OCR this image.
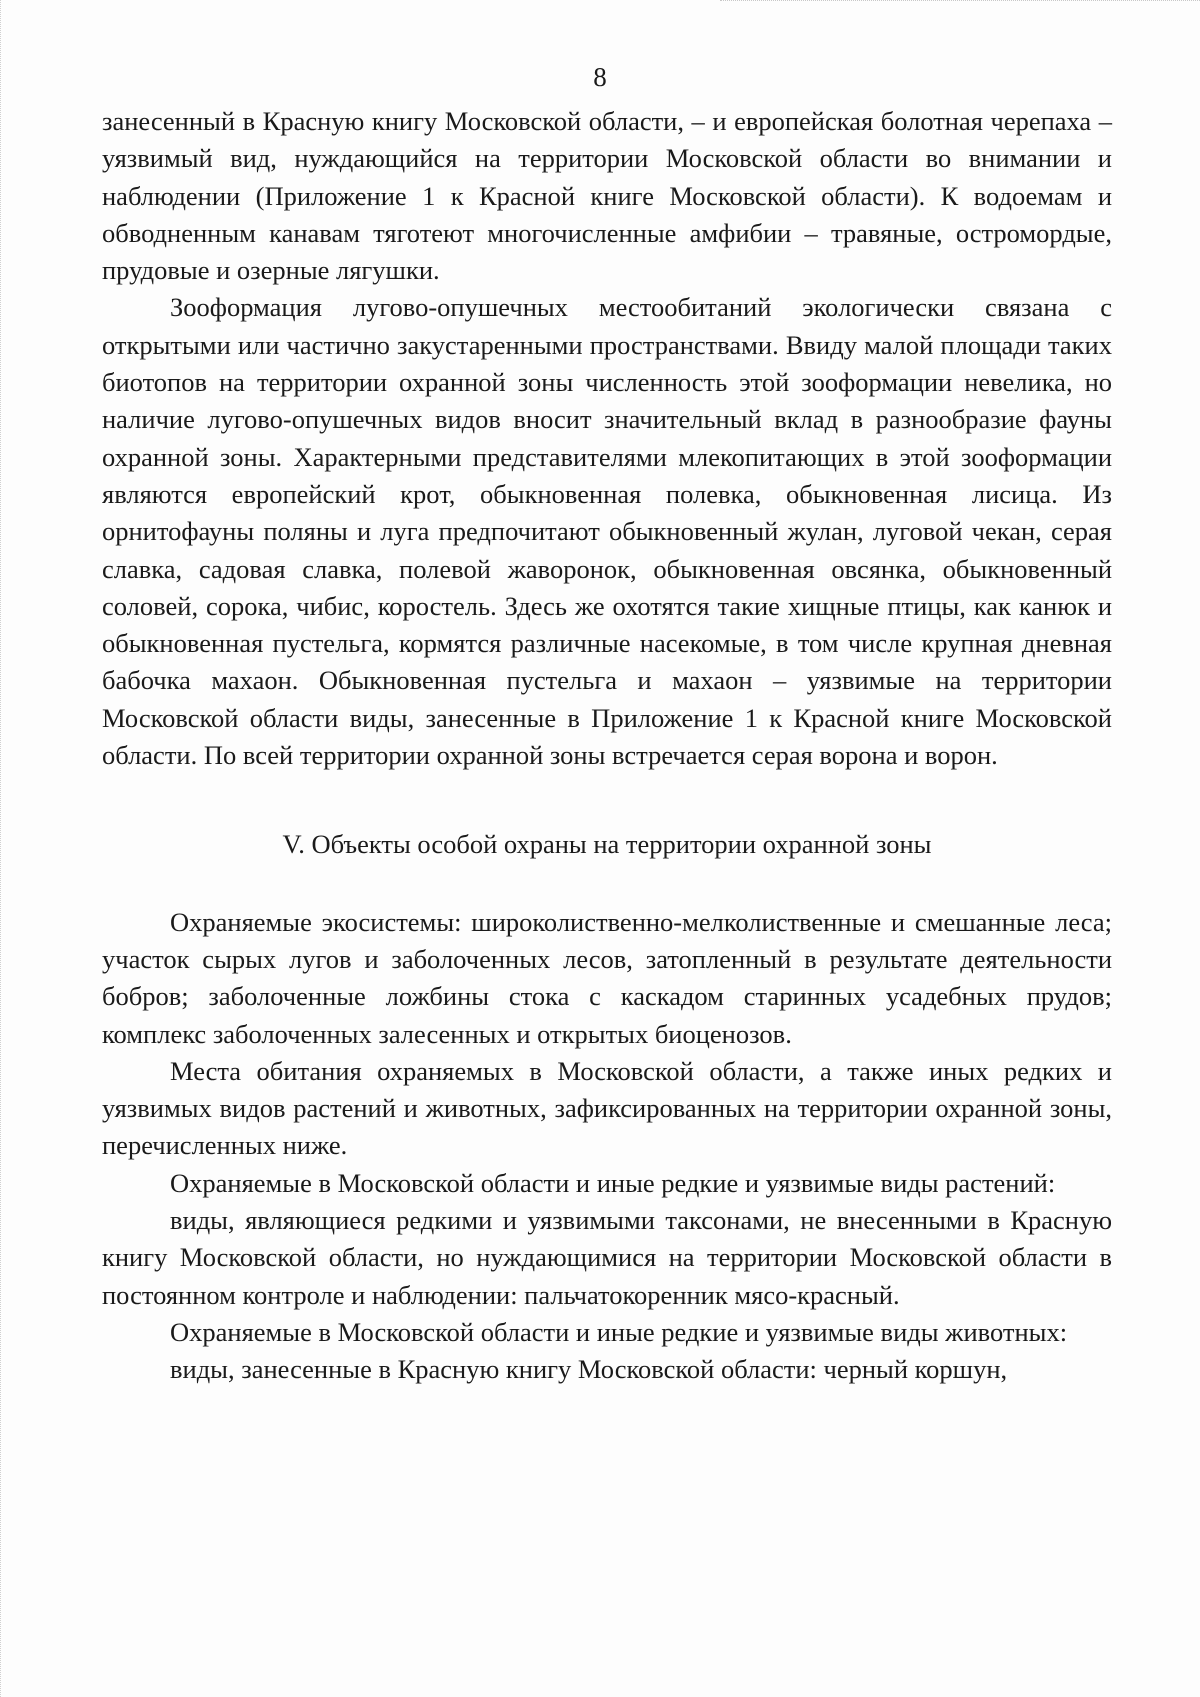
8

занесенный в Красную книгу Московской области, – и европейская болотная черепаха – уязвимый вид, нуждающийся на территории Московской области во внимании и наблюдении (Приложение 1 к Красной книге Московской области). К водоемам и обводненным канавам тяготеют многочисленные амфибии – травяные, остромордые, прудовые и озерные лягушки.

Зооформация лугово-опушечных местообитаний экологически связана с открытыми или частично закустаренными пространствами. Ввиду малой площади таких биотопов на территории охранной зоны численность этой зооформации невелика, но наличие лугово-опушечных видов вносит значительный вклад в разнообразие фауны охранной зоны. Характерными представителями млекопитающих в этой зооформации являются европейский крот, обыкновенная полевка, обыкновенная лисица. Из орнитофауны поляны и луга предпочитают обыкновенный жулан, луговой чекан, серая славка, садовая славка, полевой жаворонок, обыкновенная овсянка, обыкновенный соловей, сорока, чибис, коростель. Здесь же охотятся такие хищные птицы, как канюк и обыкновенная пустельга, кормятся различные насекомые, в том числе крупная дневная бабочка махаон. Обыкновенная пустельга и махаон – уязвимые на территории Московской области виды, занесенные в Приложение 1 к Красной книге Московской области. По всей территории охранной зоны встречается серая ворона и ворон.

V. Объекты особой охраны на территории охранной зоны

Охраняемые экосистемы: широколиственно-мелколиственные и смешанные леса; участок сырых лугов и заболоченных лесов, затопленный в результате деятельности бобров; заболоченные ложбины стока с каскадом старинных усадебных прудов; комплекс заболоченных залесенных и открытых биоценозов.

Места обитания охраняемых в Московской области, а также иных редких и уязвимых видов растений и животных, зафиксированных на территории охранной зоны, перечисленных ниже.

Охраняемые в Московской области и иные редкие и уязвимые виды растений:

виды, являющиеся редкими и уязвимыми таксонами, не внесенными в Красную книгу Московской области, но нуждающимися на территории Московской области в постоянном контроле и наблюдении: пальчатокоренник мясо-красный.

Охраняемые в Московской области и иные редкие и уязвимые виды животных:

виды, занесенные в Красную книгу Московской области: черный коршун,
